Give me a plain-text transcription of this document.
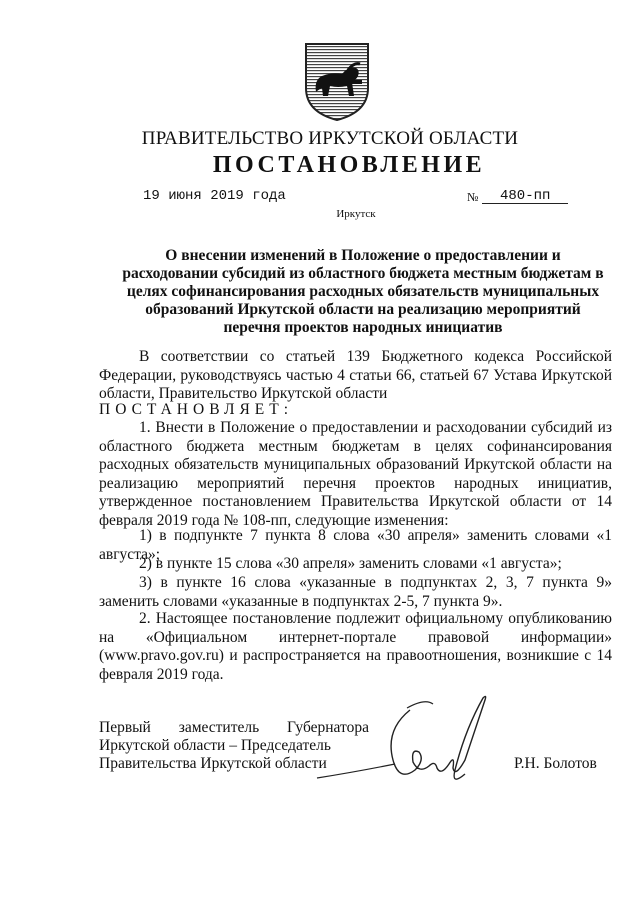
ПРАВИТЕЛЬСТВО ИРКУТСКОЙ ОБЛАСТИ
ПОСТАНОВЛЕНИЕ
19 июня 2019 года	№ 480-пп
Иркутск
О внесении изменений в Положение о предоставлении и расходовании субсидий из областного бюджета местным бюджетам в целях софинансирования расходных обязательств муниципальных образований Иркутской области на реализацию мероприятий перечня проектов народных инициатив
В соответствии со статьей 139 Бюджетного кодекса Российской Федерации, руководствуясь частью 4 статьи 66, статьей 67 Устава Иркутской области, Правительство Иркутской области
ПОСТАНОВЛЯЕТ:
1. Внести в Положение о предоставлении и расходовании субсидий из областного бюджета местным бюджетам в целях софинансирования расходных обязательств муниципальных образований Иркутской области на реализацию мероприятий перечня проектов народных инициатив, утвержденное постановлением Правительства Иркутской области от 14 февраля 2019 года № 108-пп, следующие изменения:
1) в подпункте 7 пункта 8 слова «30 апреля» заменить словами «1 августа»;
2) в пункте 15 слова «30 апреля» заменить словами «1 августа»;
3) в пункте 16 слова «указанные в подпунктах 2, 3, 7 пункта 9» заменить словами «указанные в подпунктах 2-5, 7 пункта 9».
2. Настоящее постановление подлежит официальному опубликованию на «Официальном интернет-портале правовой информации» (www.pravo.gov.ru) и распространяется на правоотношения, возникшие с 14 февраля 2019 года.
Первый заместитель Губернатора
Иркутской области – Председатель
Правительства Иркутской области	Р.Н. Болотов
